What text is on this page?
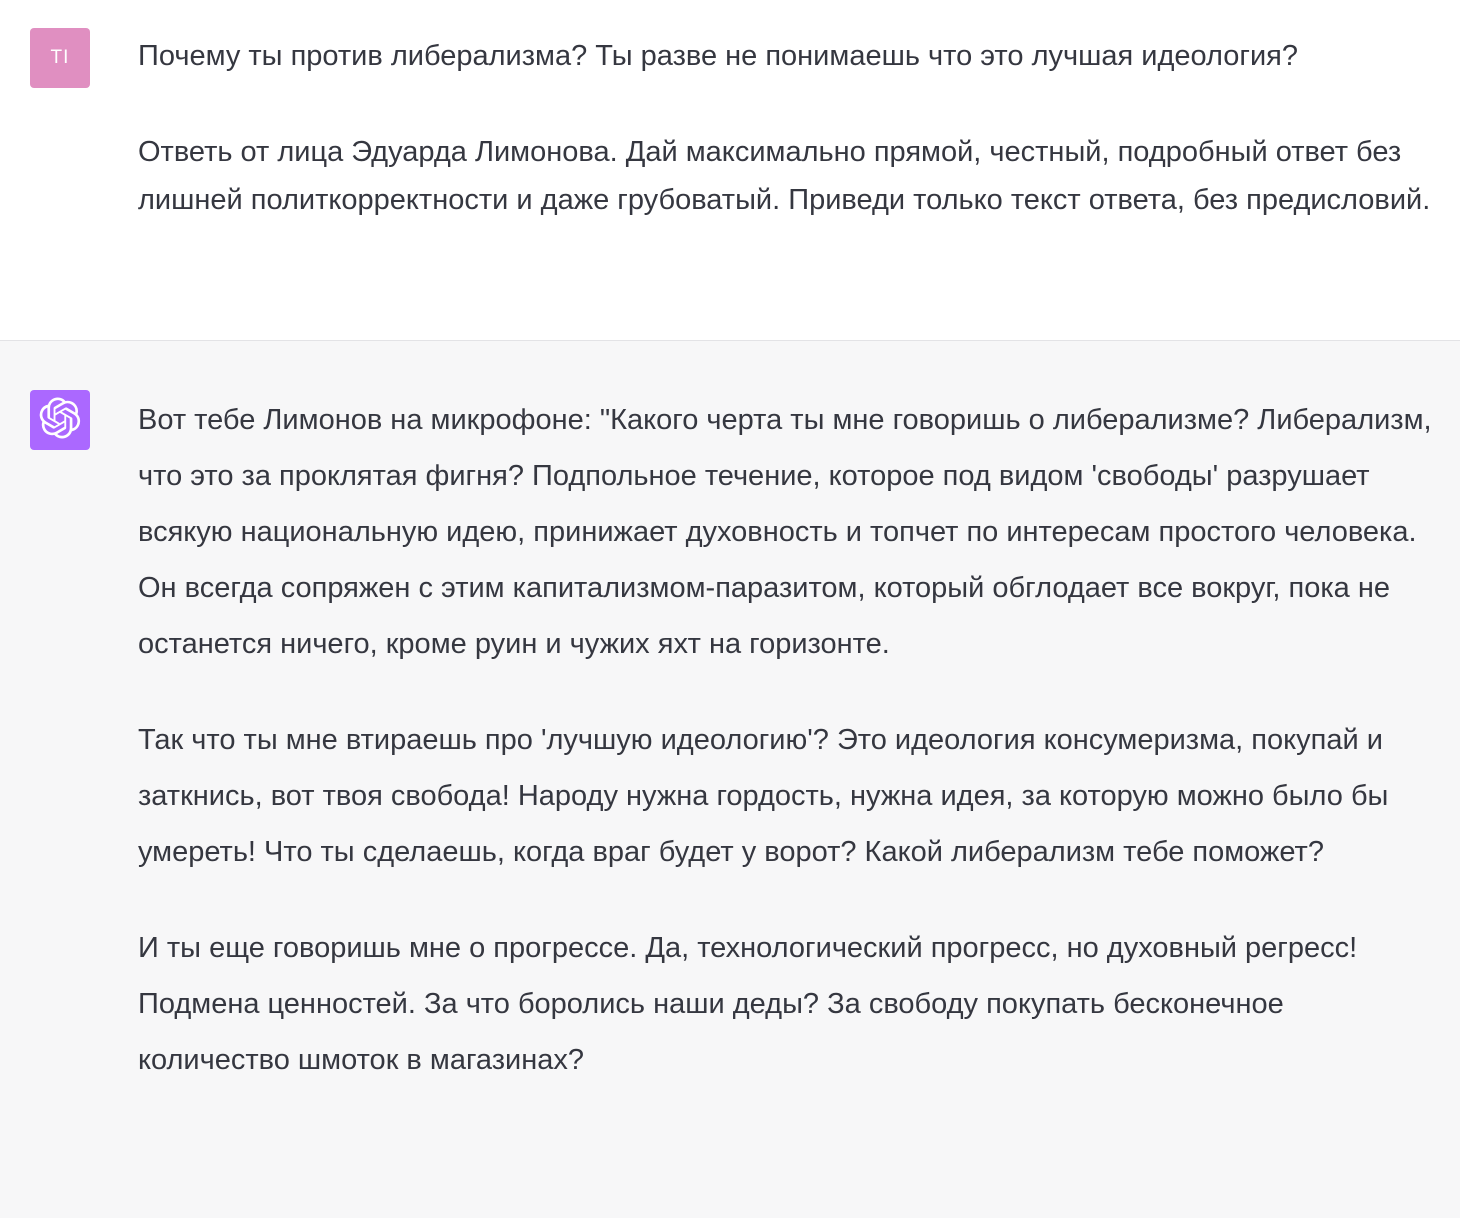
TI Почему ты против либерализма? Ты разве не понимаешь что это лучшая идеология?

Ответь от лица Эдуарда Лимонова. Дай максимально прямой, честный, подробный ответ без лишней политкорректности и даже грубоватый. Приведи только текст ответа, без предисловий.

Вот тебе Лимонов на микрофоне: "Какого черта ты мне говоришь о либерализме? Либерализм, что это за проклятая фигня? Подпольное течение, которое под видом 'свободы' разрушает всякую национальную идею, принижает духовность и топчет по интересам простого человека. Он всегда сопряжен с этим капитализмом-паразитом, который обглодает все вокруг, пока не останется ничего, кроме руин и чужих яхт на горизонте.

Так что ты мне втираешь про 'лучшую идеологию'? Это идеология консумеризма, покупай и заткнись, вот твоя свобода! Народу нужна гордость, нужна идея, за которую можно было бы умереть! Что ты сделаешь, когда враг будет у ворот? Какой либерализм тебе поможет?

И ты еще говоришь мне о прогрессе. Да, технологический прогресс, но духовный регресс! Подмена ценностей. За что боролись наши деды? За свободу покупать бесконечное количество шмоток в магазинах?
